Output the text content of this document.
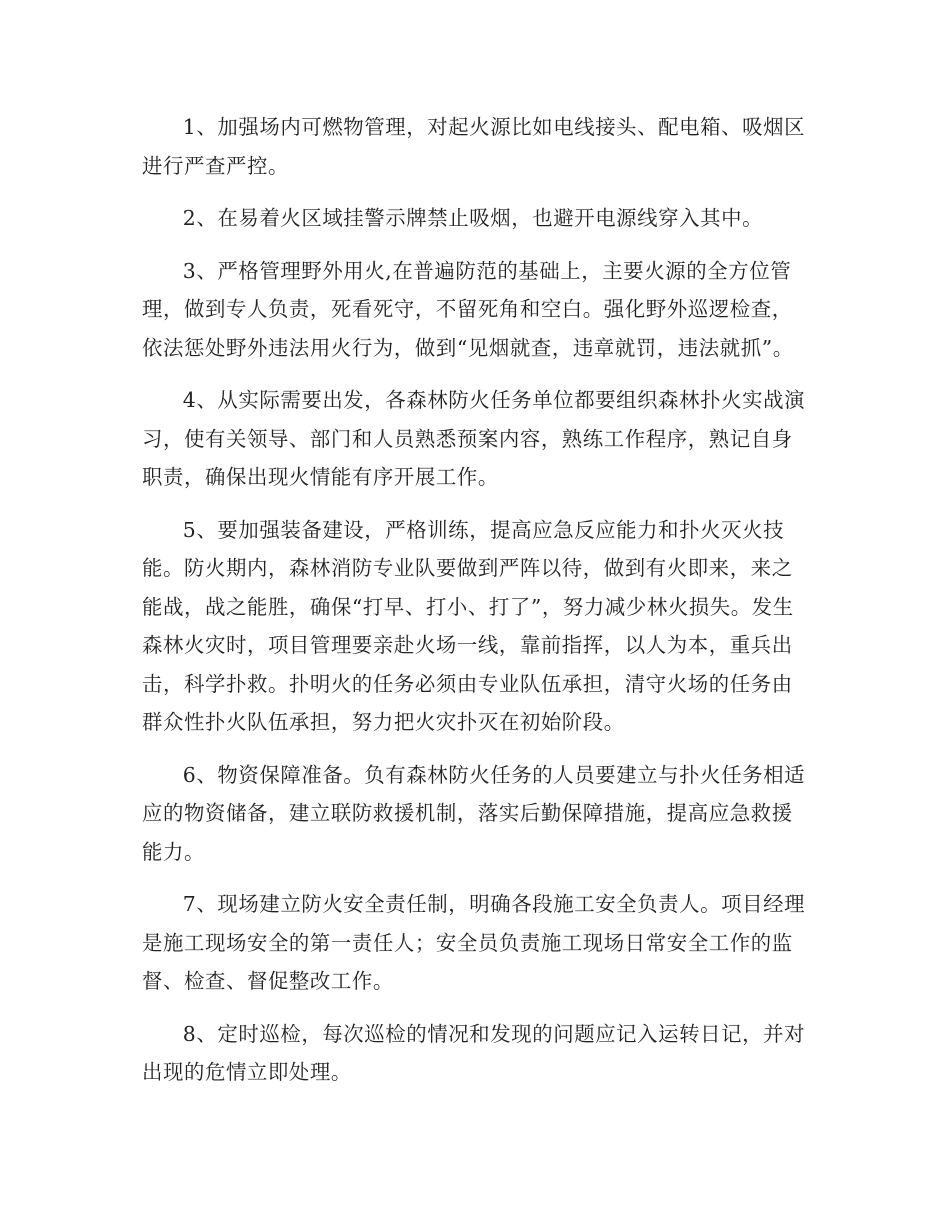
1、加强场内可燃物管理，对起火源比如电线接头、配电箱、吸烟区进行严查严控。

2、在易着火区域挂警示牌禁止吸烟，也避开电源线穿入其中。

3、严格管理野外用火,在普遍防范的基础上，主要火源的全方位管理，做到专人负责，死看死守，不留死角和空白。强化野外巡逻检查，依法惩处野外违法用火行为，做到“见烟就查，违章就罚，违法就抓”。

4、从实际需要出发，各森林防火任务单位都要组织森林扑火实战演习，使有关领导、部门和人员熟悉预案内容，熟练工作程序，熟记自身职责，确保出现火情能有序开展工作。

5、要加强装备建设，严格训练，提高应急反应能力和扑火灭火技能。防火期内，森林消防专业队要做到严阵以待，做到有火即来，来之能战，战之能胜，确保“打早、打小、打了”，努力减少林火损失。发生森林火灾时，项目管理要亲赴火场一线，靠前指挥，以人为本，重兵出击，科学扑救。扑明火的任务必须由专业队伍承担，清守火场的任务由群众性扑火队伍承担，努力把火灾扑灭在初始阶段。

6、物资保障准备。负有森林防火任务的人员要建立与扑火任务相适应的物资储备，建立联防救援机制，落实后勤保障措施，提高应急救援能力。

7、现场建立防火安全责任制，明确各段施工安全负责人。项目经理是施工现场安全的第一责任人；安全员负责施工现场日常安全工作的监督、检查、督促整改工作。

8、定时巡检，每次巡检的情况和发现的问题应记入运转日记，并对出现的危情立即处理。
